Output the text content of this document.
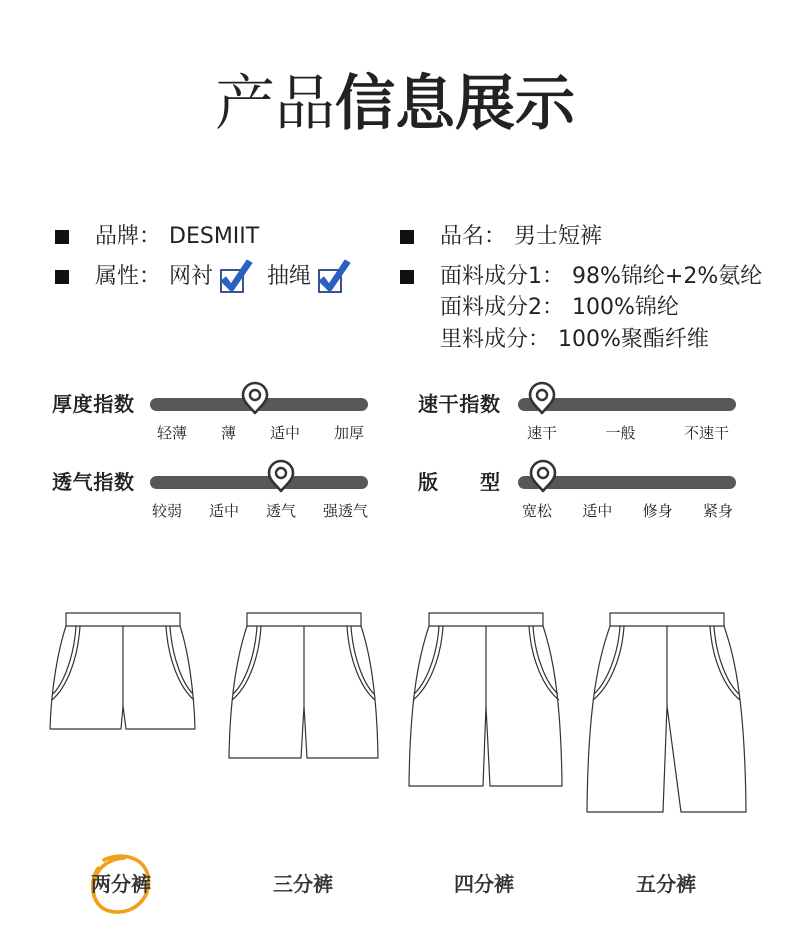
产品信息展示
品牌： DESMIIT
属性： 网衬 抽绳
品名： 男士短裤
面料成分1： 98%锦纶+2%氨纶
面料成分2： 100%锦纶
里料成分： 100%聚酯纤维
厚度指数
轻薄 薄 适中 加厚
速干指数
速干	一般	不速干
透气指数
较弱 适中 透气 强透气
版 型
宽松 适中 修身 紧身
两分裤	三分裤	四分裤	五分裤
